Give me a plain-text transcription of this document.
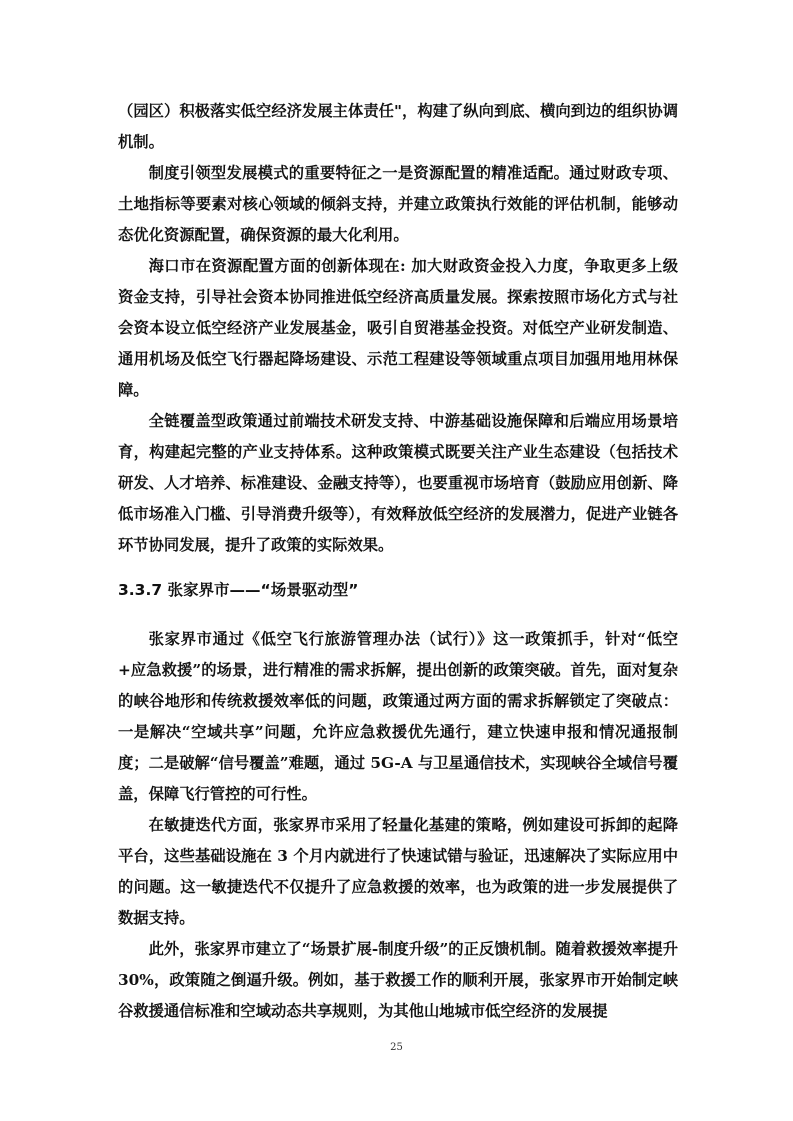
（园区）积极落实低空经济发展主体责任"，构建了纵向到底、横向到边的组织协调机制。

制度引领型发展模式的重要特征之一是资源配置的精准适配。通过财政专项、土地指标等要素对核心领域的倾斜支持，并建立政策执行效能的评估机制，能够动态优化资源配置，确保资源的最大化利用。

海口市在资源配置方面的创新体现在: 加大财政资金投入力度，争取更多上级资金支持，引导社会资本协同推进低空经济高质量发展。探索按照市场化方式与社会资本设立低空经济产业发展基金，吸引自贸港基金投资。对低空产业研发制造、通用机场及低空飞行器起降场建设、示范工程建设等领域重点项目加强用地用林保障。

全链覆盖型政策通过前端技术研发支持、中游基础设施保障和后端应用场景培育，构建起完整的产业支持体系。这种政策模式既要关注产业生态建设（包括技术研发、人才培养、标准建设、金融支持等），也要重视市场培育（鼓励应用创新、降低市场准入门槛、引导消费升级等），有效释放低空经济的发展潜力，促进产业链各环节协同发展，提升了政策的实际效果。

3.3.7 张家界市——“场景驱动型”

张家界市通过《低空飞行旅游管理办法（试行）》这一政策抓手，针对“低空+应急救援”的场景，进行精准的需求拆解，提出创新的政策突破。首先，面对复杂的峡谷地形和传统救援效率低的问题，政策通过两方面的需求拆解锁定了突破点：一是解决“空域共享”问题，允许应急救援优先通行，建立快速申报和情况通报制度；二是破解“信号覆盖”难题，通过 5G-A 与卫星通信技术，实现峡谷全域信号覆盖，保障飞行管控的可行性。

在敏捷迭代方面，张家界市采用了轻量化基建的策略，例如建设可拆卸的起降平台，这些基础设施在 3 个月内就进行了快速试错与验证，迅速解决了实际应用中的问题。这一敏捷迭代不仅提升了应急救援的效率，也为政策的进一步发展提供了数据支持。

此外，张家界市建立了“场景扩展-制度升级”的正反馈机制。随着救援效率提升 30%，政策随之倒逼升级。例如，基于救援工作的顺利开展，张家界市开始制定峡谷救援通信标准和空域动态共享规则，为其他山地城市低空经济的发展提

25
